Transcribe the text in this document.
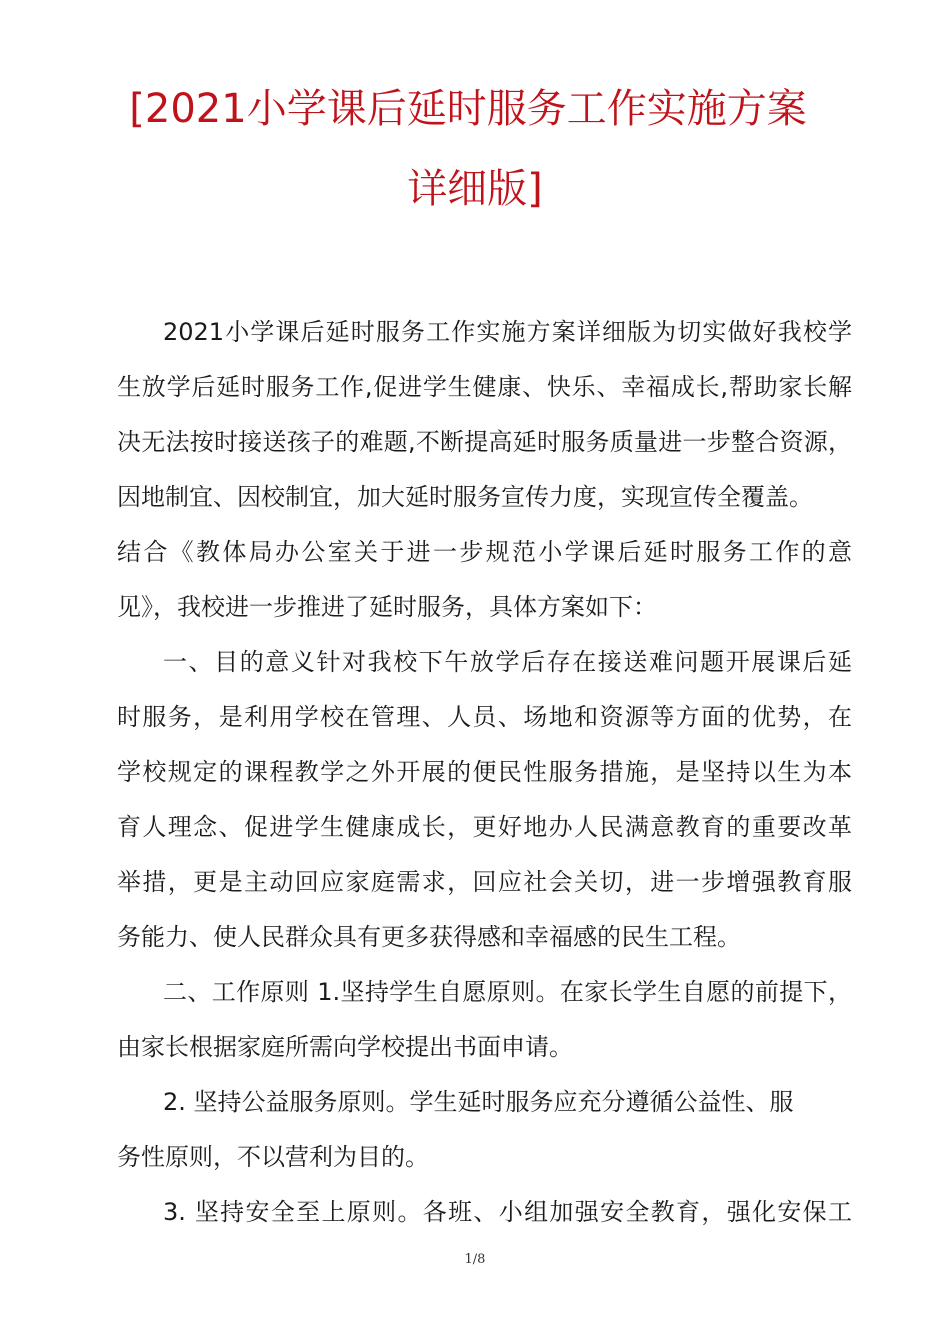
[2021小学课后延时服务工作实施方案
详细版]
2021小学课后延时服务工作实施方案详细版为切实做好我校学
生放学后延时服务工作,促进学生健康、快乐、幸福成长,帮助家长解
决无法按时接送孩子的难题,不断提高延时服务质量进一步整合资源，
因地制宜、因校制宜，加大延时服务宣传力度，实现宣传全覆盖。
结合《教体局办公室关于进一步规范小学课后延时服务工作的意
见》，我校进一步推进了延时服务，具体方案如下：
一、目的意义针对我校下午放学后存在接送难问题开展课后延
时服务，是利用学校在管理、人员、场地和资源等方面的优势，在
学校规定的课程教学之外开展的便民性服务措施，是坚持以生为本
育人理念、促进学生健康成长，更好地办人民满意教育的重要改革
举措，更是主动回应家庭需求，回应社会关切，进一步增强教育服
务能力、使人民群众具有更多获得感和幸福感的民生工程。
二、工作原则 1.坚持学生自愿原则。在家长学生自愿的前提下，
由家长根据家庭所需向学校提出书面申请。
2. 坚持公益服务原则。学生延时服务应充分遵循公益性、服
务性原则，不以营利为目的。
3. 坚持安全至上原则。各班、小组加强安全教育，强化安保工
1/8
